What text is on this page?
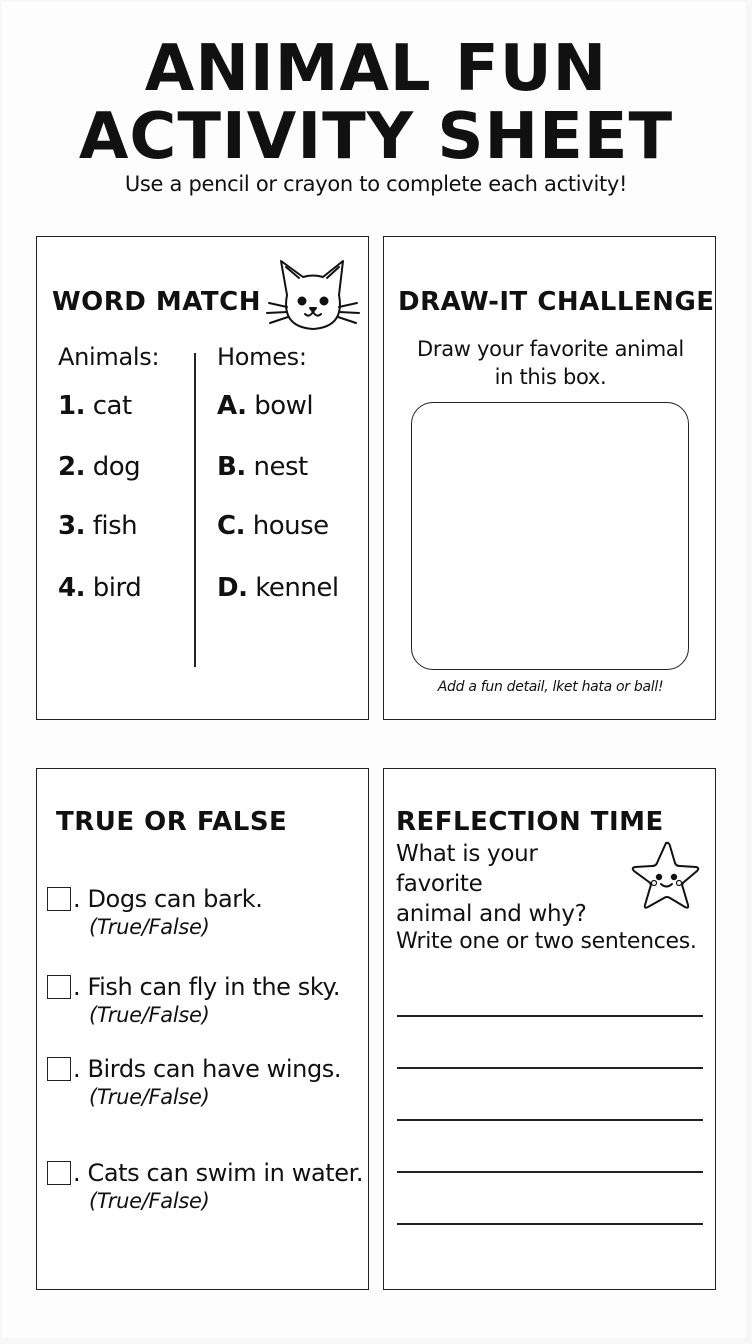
ANIMAL FUN
ACTIVITY SHEET
Use a pencil or crayon to complete each activity!
WORD MATCH
Animals: Homes:
1. cat
2. dog
3. fish
4. bird
A. bowl
B. nest
C. house
D. kennel
DRAW-IT CHALLENGE
Draw your favorite animal
in this box.
Add a fun detail, lket hata or ball!
TRUE OR FALSE
. Dogs can bark.
(True/False)
. Fish can fly in the sky.
(True/False)
. Birds can have wings.
(True/False)
. Cats can swim in water.
(True/False)
REFLECTION TIME
What is your favorite
animal and why?
Write one or two sentences.
